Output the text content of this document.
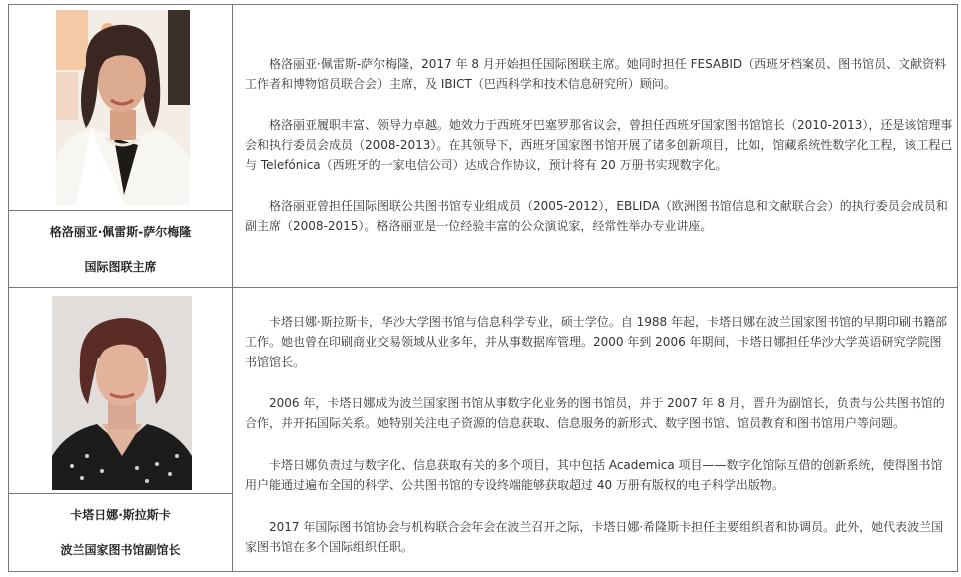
格洛丽亚·佩雷斯-萨尔梅隆
国际图联主席

格洛丽亚·佩雷斯-萨尔梅隆，2017 年 8 月开始担任国际图联主席。她同时担任 FESABID（西班牙档案员、图书馆员、文献资料工作者和博物馆员联合会）主席，及 IBICT（巴西科学和技术信息研究所）顾问。

格洛丽亚履职丰富、领导力卓越。她效力于西班牙巴塞罗那省议会，曾担任西班牙国家图书馆馆长（2010-2013），还是该馆理事会和执行委员会成员（2008-2013）。在其领导下，西班牙国家图书馆开展了诸多创新项目，比如，馆藏系统性数字化工程，该工程已与 Telefónica（西班牙的一家电信公司）达成合作协议，预计将有 20 万册书实现数字化。

格洛丽亚曾担任国际图联公共图书馆专业组成员（2005-2012），EBLIDA（欧洲图书馆信息和文献联合会）的执行委员会成员和副主席（2008-2015）。格洛丽亚是一位经验丰富的公众演说家，经常性举办专业讲座。

卡塔日娜·斯拉斯卡
波兰国家图书馆副馆长

卡塔日娜·斯拉斯卡，华沙大学图书馆与信息科学专业，硕士学位。自 1988 年起，卡塔日娜在波兰国家图书馆的早期印刷书籍部工作。她也曾在印刷商业交易领域从业多年，并从事数据库管理。2000 年到 2006 年期间，卡塔日娜担任华沙大学英语研究学院图书馆馆长。

2006 年，卡塔日娜成为波兰国家图书馆从事数字化业务的图书馆员，并于 2007 年 8 月，晋升为副馆长，负责与公共图书馆的合作，并开拓国际关系。她特别关注电子资源的信息获取、信息服务的新形式、数字图书馆、馆员教育和图书馆用户等问题。

卡塔日娜负责过与数字化、信息获取有关的多个项目，其中包括 Academica 项目——数字化馆际互借的创新系统，使得图书馆用户能通过遍布全国的科学、公共图书馆的专设终端能够获取超过 40 万册有版权的电子科学出版物。

2017 年国际图书馆协会与机构联合会年会在波兰召开之际，卡塔日娜·希隆斯卡担任主要组织者和协调员。此外，她代表波兰国家图书馆在多个国际组织任职。
